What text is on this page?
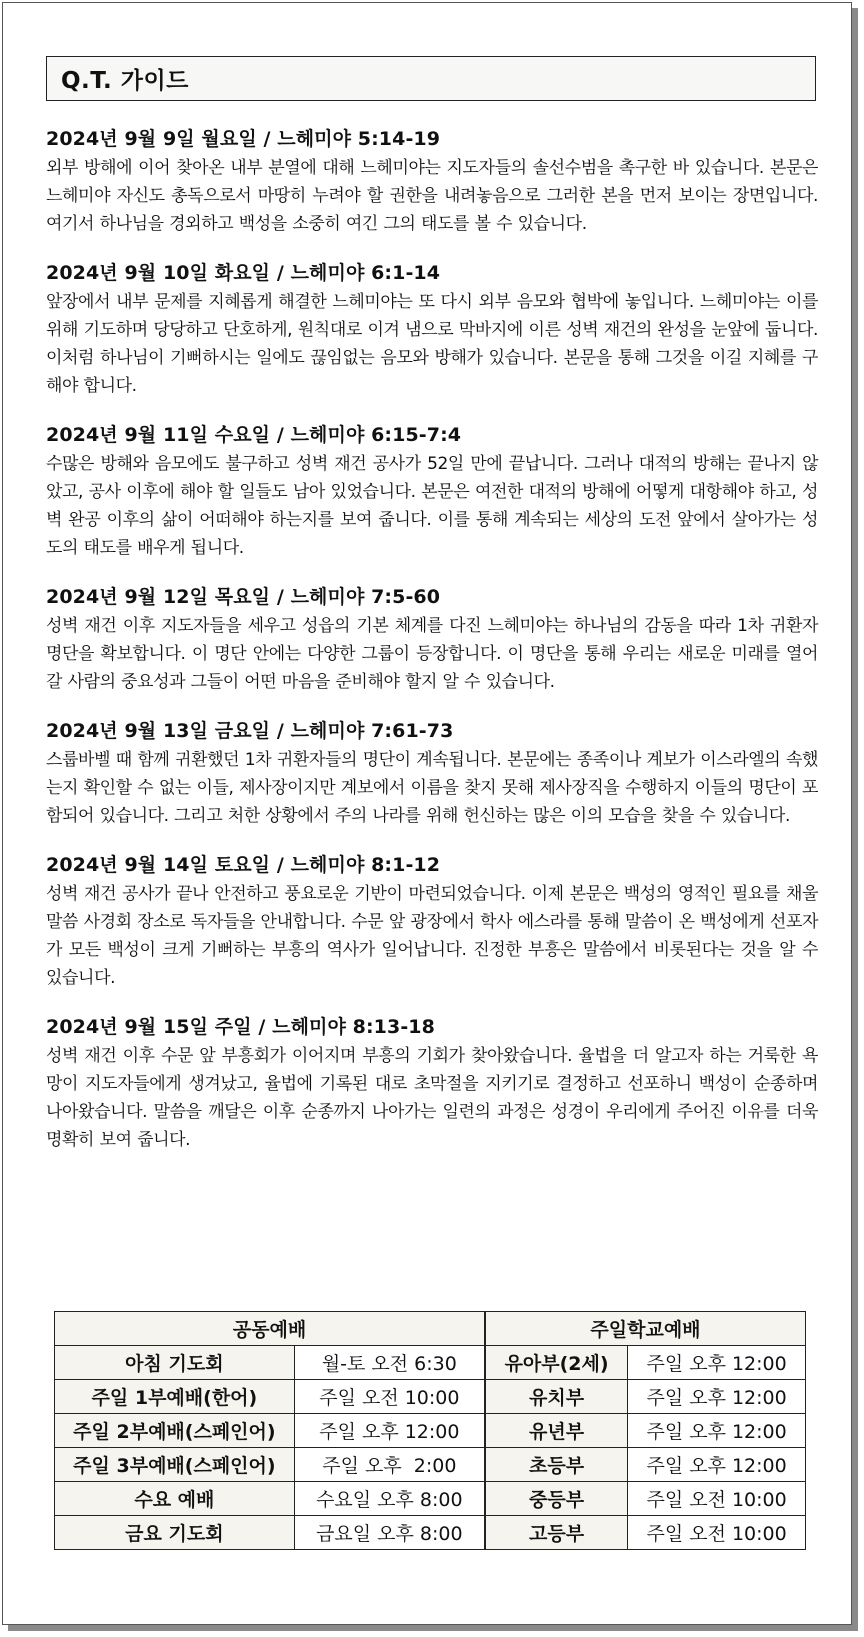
Q.T. 가이드
2024년 9월 9일 월요일 / 느헤미야 5:14-19

외부 방해에 이어 찾아온 내부 분열에 대해 느헤미야는 지도자들의 솔선수범을 촉구한 바 있습니다. 본문은 느헤미야 자신도 총독으로서 마땅히 누려야 할 권한을 내려놓음으로 그러한 본을 먼저 보이는 장면입니다. 여기서 하나님을 경외하고 백성을 소중히 여긴 그의 태도를 볼 수 있습니다.

2024년 9월 10일 화요일 / 느헤미야 6:1-14

앞장에서 내부 문제를 지혜롭게 해결한 느헤미야는 또 다시 외부 음모와 협박에 놓입니다. 느헤미야는 이를 위해 기도하며 당당하고 단호하게, 원칙대로 이겨 냄으로 막바지에 이른 성벽 재건의 완성을 눈앞에 둡니다. 이처럼 하나님이 기뻐하시는 일에도 끊임없는 음모와 방해가 있습니다. 본문을 통해 그것을 이길 지혜를 구해야 합니다.

2024년 9월 11일 수요일 / 느헤미야 6:15-7:4

수많은 방해와 음모에도 불구하고 성벽 재건 공사가 52일 만에 끝납니다. 그러나 대적의 방해는 끝나지 않았고, 공사 이후에 해야 할 일들도 남아 있었습니다. 본문은 여전한 대적의 방해에 어떻게 대항해야 하고, 성벽 완공 이후의 삶이 어떠해야 하는지를 보여 줍니다. 이를 통해 계속되는 세상의 도전 앞에서 살아가는 성도의 태도를 배우게 됩니다.

2024년 9월 12일 목요일 / 느헤미야 7:5-60

성벽 재건 이후 지도자들을 세우고 성읍의 기본 체계를 다진 느헤미야는 하나님의 감동을 따라 1차 귀환자 명단을 확보합니다. 이 명단 안에는 다양한 그룹이 등장합니다. 이 명단을 통해 우리는 새로운 미래를 열어 갈 사람의 중요성과 그들이 어떤 마음을 준비해야 할지 알 수 있습니다.

2024년 9월 13일 금요일 / 느헤미야 7:61-73

스룹바벨 때 함께 귀환했던 1차 귀환자들의 명단이 계속됩니다. 본문에는 종족이나 계보가 이스라엘의 속했는지 확인할 수 없는 이들, 제사장이지만 계보에서 이름을 찾지 못해 제사장직을 수행하지 이들의 명단이 포함되어 있습니다. 그리고 처한 상황에서 주의 나라를 위해 헌신하는 많은 이의 모습을 찾을 수 있습니다.

2024년 9월 14일 토요일 / 느헤미야 8:1-12

성벽 재건 공사가 끝나 안전하고 풍요로운 기반이 마련되었습니다. 이제 본문은 백성의 영적인 필요를 채울 말씀 사경회 장소로 독자들을 안내합니다. 수문 앞 광장에서 학사 에스라를 통해 말씀이 온 백성에게 선포자가 모든 백성이 크게 기뻐하는 부흥의 역사가 일어납니다. 진정한 부흥은 말씀에서 비롯된다는 것을 알 수 있습니다.

2024년 9월 15일 주일 / 느헤미야 8:13-18

성벽 재건 이후 수문 앞 부흥회가 이어지며 부흥의 기회가 찾아왔습니다. 율법을 더 알고자 하는 거룩한 욕망이 지도자들에게 생겨났고, 율법에 기록된 대로 초막절을 지키기로 결정하고 선포하니 백성이 순종하며 나아왔습니다. 말씀을 깨달은 이후 순종까지 나아가는 일련의 과정은 성경이 우리에게 주어진 이유를 더욱 명확히 보여 줍니다.

공동예배		주일학교예배	
아침 기도회	월-토 오전 6:30	유아부(2세)	주일 오후 12:00
주일 1부예배(한어)	주일 오전 10:00	유치부	주일 오후 12:00
주일 2부예배(스페인어)	주일 오후 12:00	유년부	주일 오후 12:00
주일 3부예배(스페인어)	주일 오후  2:00	초등부	주일 오후 12:00
수요 예배	수요일 오후 8:00	중등부	주일 오전 10:00
금요 기도회	금요일 오후 8:00	고등부	주일 오전 10:00
